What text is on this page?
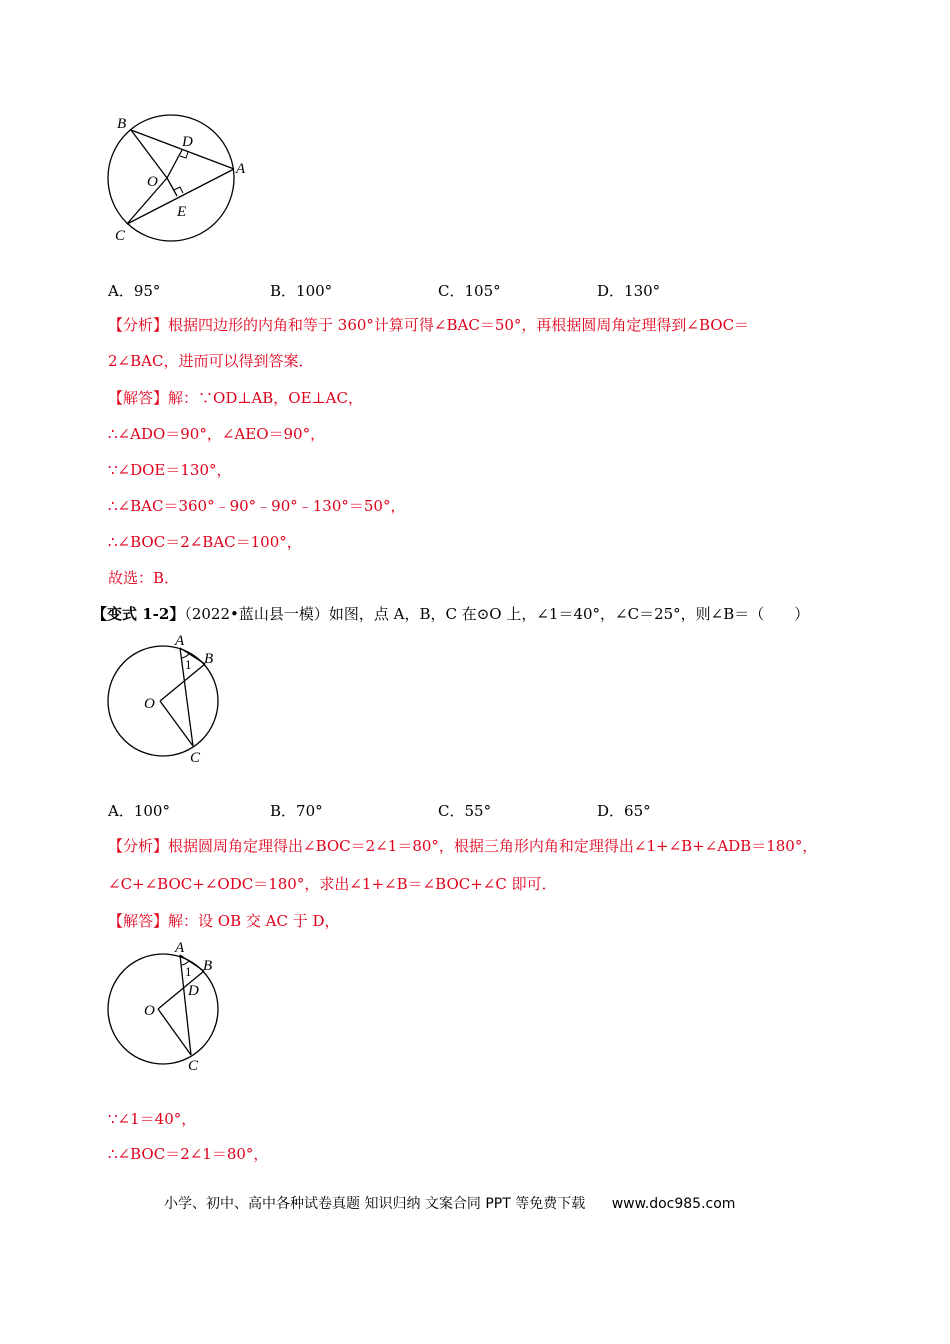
B
D
A
O
E
C
A．95°	B．100°	C．105°	D．130°
【分析】根据四边形的内角和等于 360°计算可得∠BAC＝50°，再根据圆周角定理得到∠BOC＝
2∠BAC，进而可以得到答案．
【解答】解：∵OD⊥AB，OE⊥AC，
∴∠ADO＝90°，∠AEO＝90°，
∵∠DOE＝130°，
∴∠BAC＝360°﹣90°﹣90°﹣130°＝50°，
∴∠BOC＝2∠BAC＝100°，
故选：B．
【变式 1-2】（2022•蓝山县一模）如图，点 A，B，C 在⊙O 上，∠1＝40°，∠C＝25°，则∠B＝（　　）
A
B
1
O
C
A．100°	B．70°	C．55°	D．65°
【分析】根据圆周角定理得出∠BOC＝2∠1＝80°，根据三角形内角和定理得出∠1+∠B+∠ADB＝180°，
∠C+∠BOC+∠ODC＝180°，求出∠1+∠B＝∠BOC+∠C 即可．
【解答】解：设 OB 交 AC 于 D，
A
B
1
D
O
C
∵∠1＝40°，
∴∠BOC＝2∠1＝80°，
小学、初中、高中各种试卷真题 知识归纳 文案合同 PPT 等免费下载 www.doc985.com
